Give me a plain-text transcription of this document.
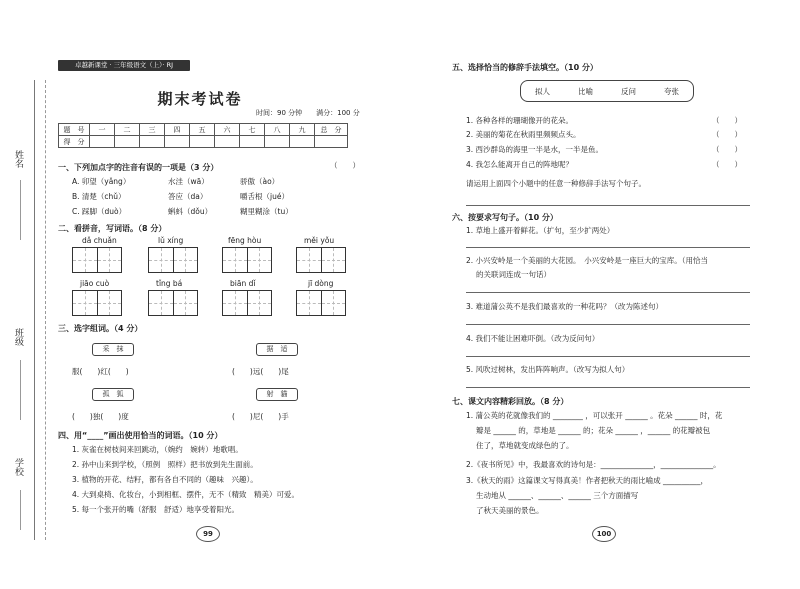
姓名
班级
学校
卓越新课堂 · 三年级语文（上）· RJ
期末考试卷
时间：90 分钟　　满分：100 分
题　号	一	二	三	四	五	六	七	八	九	总　分
得　分										
一、下列加点字的注音有误的一项是（3 分）	（　　）
A. 卯望（yǎng）	水洼（wā）	骄傲（ào）
B. 清楚（chǔ）	答应（da）	嚼舌根（jué）
C. 踩脚（duò）	蝌蚪（dǒu）	糊里糊涂（tu）
二、看拼音，写词语。（8 分）
dǎ chuǎn	lǔ xíng	fēng hòu	měi yǒu
jiāo cuò	tǐng bá	biān dǐ	jī dòng
三、选字组词。（4 分）
采　抹	据　适
服(　　)红(　　)	(　　)远(　　)尾
孤　狐	射　貓
(　　)独(　　)度	(　　)尼(　　)手
四、用“____”画出使用恰当的词语。（10 分）
1. 灰雀在树枝间来回跳动，（婉约　婉转）地歌唱。
2. 孙中山来到学校，（照例　照样）把书放到先生面前。
3. 植物的开花、结籽，都有各自不同的（趣味　兴趣）。
4. 大到桌椅、化妆台，小到相框、摆件，无不（精致　精美）可爱。
5. 每一个张开的嘴（舒服　舒适）地享受着阳光。
99
五、选择恰当的修辞手法填空。（10 分）
拟人	比喻	反问	夸张
1. 各种各样的珊瑚像开的花朵。	（　　）
2. 美丽的菊花在秋雨里频频点头。	（　　）
3. 西沙群岛的海里一半是水，一半是鱼。	（　　）
4. 我怎么能离开自己的阵地呢？	（　　）
请运用上面四个小题中的任意一种修辞手法写个句子。
六、按要求写句子。（10 分）
1. 草地上盛开着鲜花。（扩句，至少扩两处）
2. 小兴安岭是一个美丽的大花园。　小兴安岭是一座巨大的宝库。（用恰当
的关联词连成一句话）
3. 难道蒲公英不是我们最喜欢的一种花吗？（改为陈述句）
4. 我们不能让困难吓倒。（改为反问句）
5. 风吹过树林，发出阵阵响声。（改写为拟人句）
七、课文内容精彩回放。（8 分）
1. 蒲公英的花就像我们的 ________ ，可以张开 ______ 。花朵 ______ 时，花
瓣是 ______ 的，草地是 ______ 的；花朵 ______ ，______ 的花瓣被包
住了，草地就变成绿色的了。
2.《夜书所见》中，我最喜欢的诗句是：______________，______________。
3.《秋天的雨》这篇课文写得真美！作者把秋天的雨比喻成 __________，
生动地从 ______、______、______ 三个方面描写
了秋天美丽的景色。
100
